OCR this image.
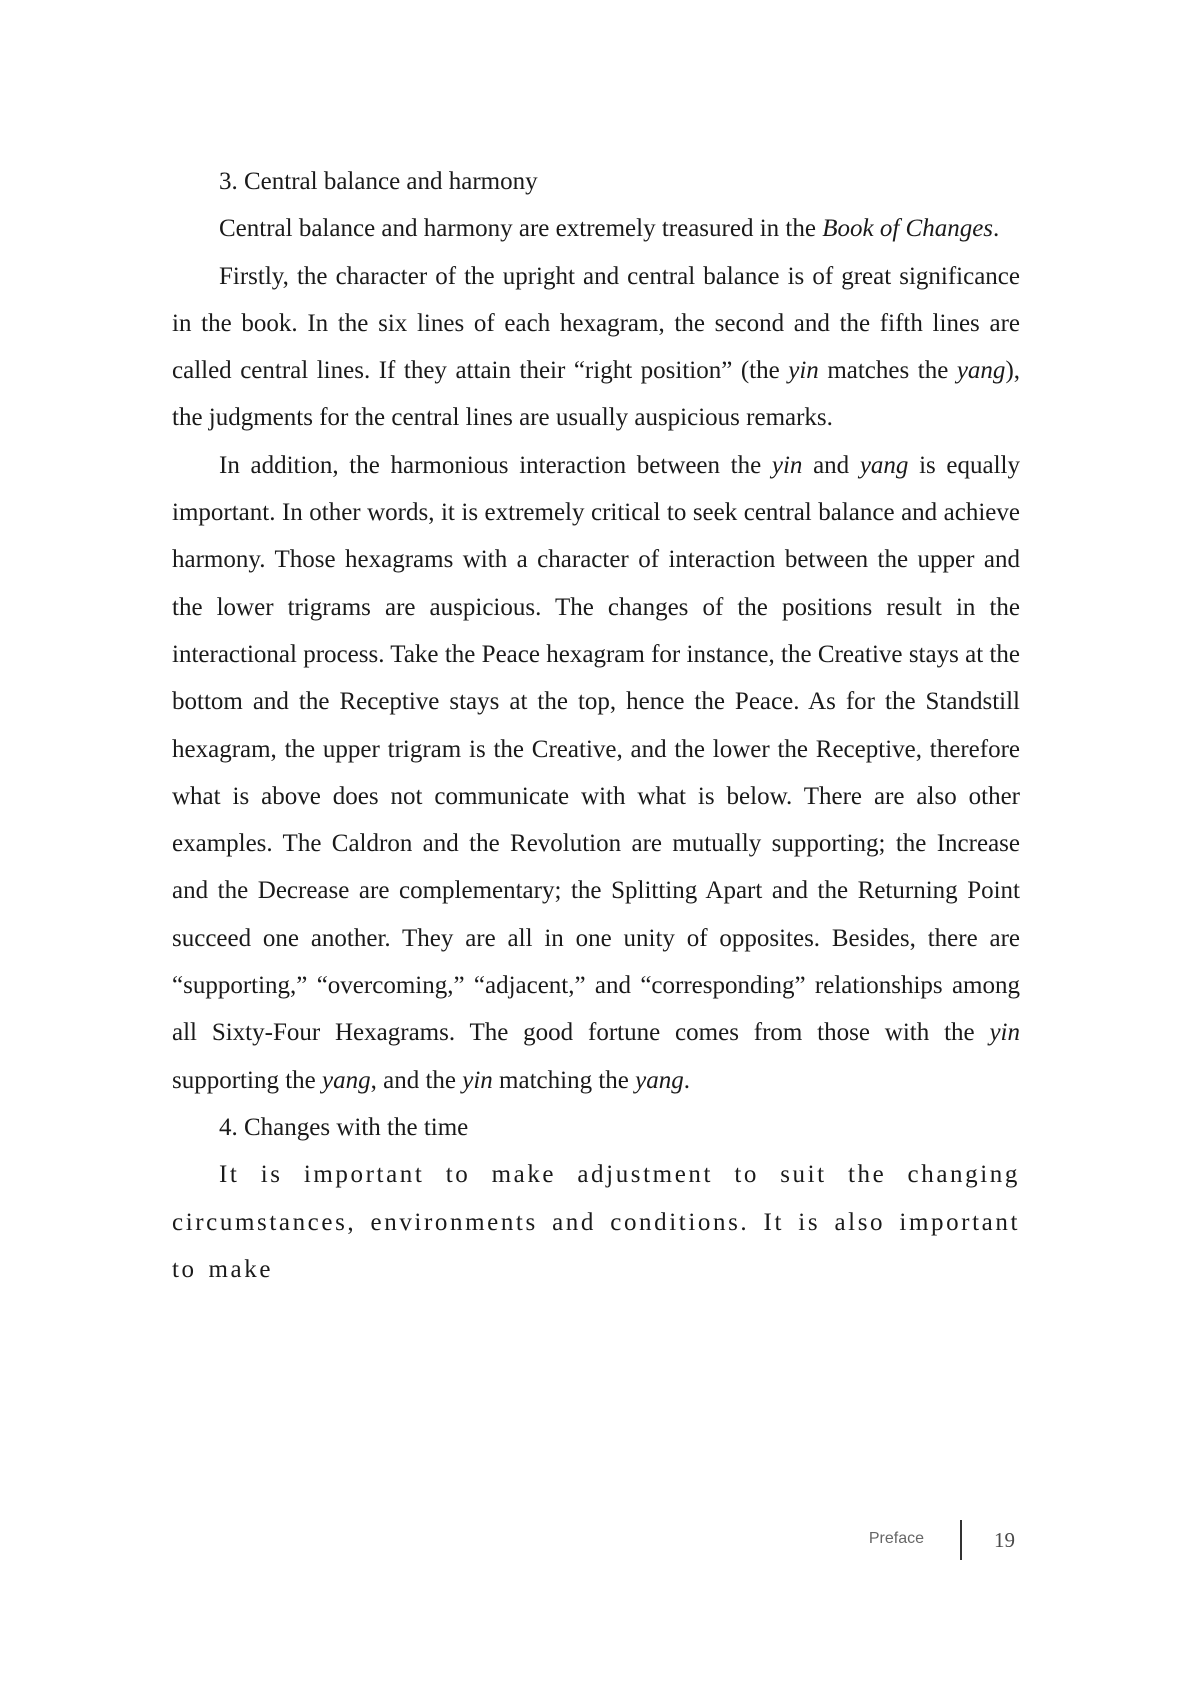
3. Central balance and harmony

Central balance and harmony are extremely treasured in the Book of Changes.

Firstly, the character of the upright and central balance is of great significance in the book. In the six lines of each hexagram, the second and the fifth lines are called central lines. If they attain their “right position” (the yin matches the yang), the judgments for the central lines are usually auspicious remarks.

In addition, the harmonious interaction between the yin and yang is equally important. In other words, it is extremely critical to seek central balance and achieve harmony. Those hexagrams with a character of interaction between the upper and the lower trigrams are auspicious. The changes of the positions result in the interactional process. Take the Peace hexagram for instance, the Creative stays at the bottom and the Receptive stays at the top, hence the Peace. As for the Standstill hexagram, the upper trigram is the Creative, and the lower the Receptive, therefore what is above does not communicate with what is below. There are also other examples. The Caldron and the Revolution are mutually supporting; the Increase and the Decrease are complementary; the Splitting Apart and the Returning Point succeed one another. They are all in one unity of opposites. Besides, there are “supporting,” “overcoming,” “adjacent,” and “corresponding” relationships among all Sixty-Four Hexagrams. The good fortune comes from those with the yin supporting the yang, and the yin matching the yang.

4. Changes with the time

It is important to make adjustment to suit the changing circumstances, environments and conditions. It is also important to make

Preface	19
